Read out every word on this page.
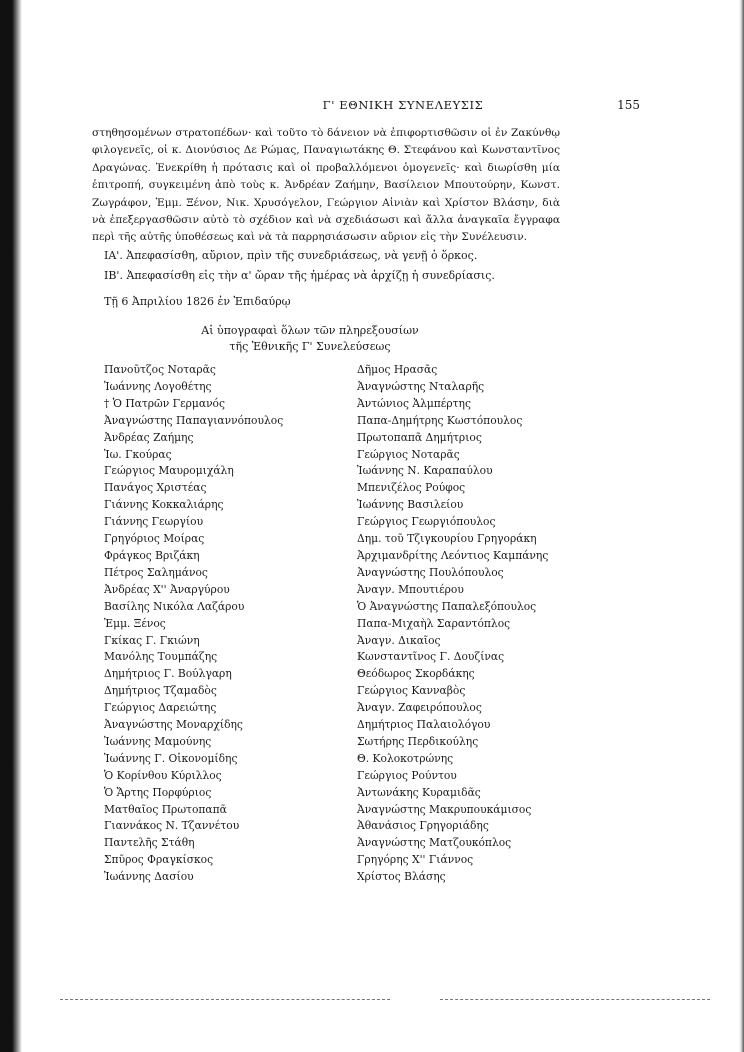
Γ' ΕΘΝΙΚΗ ΣΥΝΕΛΕΥΣΙΣ	155

στηθησομένων στρατοπέδων· καὶ τοῦτο τὸ δάνειον νὰ ἐπιφορτισθῶσιν οἱ ἐν Ζακύνθῳ φιλογενεῖς, οἱ κ. Διονύσιος Δε Ρώμας, Παναγιωτάκης Θ. Στεφάνου καὶ Κωνσταντῖνος Δραγώνας. Ἐνεκρίθη ἡ πρότασις καὶ οἱ προβαλλόμενοι ὁμογενεῖς· καὶ διωρίσθη μία ἐπιτροπή, συγκειμένη ἀπὸ τοὺς κ. Ἀνδρέαν Ζαήμην, Βασίλειον Μπουτούρην, Κωνστ. Ζωγράφον, Ἐμμ. Ξένον, Νικ. Χρυσόγελον, Γεώργιον Αἰνιὰν καὶ Χρίστον Βλάσην, διὰ νὰ ἐπεξεργασθῶσιν αὐτὸ τὸ σχέδιον καὶ νὰ σχεδιάσωσι καὶ ἄλλα ἀναγκαῖα ἔγγραφα περὶ τῆς αὐτῆς ὑποθέσεως καὶ νὰ τὰ παρρησιάσωσιν αὔριον εἰς τὴν Συνέλευσιν.

ΙΑ'. Ἀπεφασίσθη, αὔριον, πρὶν τῆς συνεδριάσεως, νὰ γενῇ ὁ ὅρκος.
ΙΒ'. Ἀπεφασίσθη εἰς τὴν α' ὥραν τῆς ἡμέρας νὰ ἀρχίζῃ ἡ συνεδρίασις.
Τῇ 6 Ἀπριλίου 1826 ἐν Ἐπιδαύρῳ
Αἱ ὑπογραφαὶ ὅλων τῶν πληρεξουσίων
τῆς Ἐθνικῆς Γ' Συνελεύσεως
Πανοῦτζος Νοταρᾶς
Ἰωάννης Λογοθέτης
† Ὁ Πατρῶν Γερμανός
Ἀναγνώστης Παπαγιαννόπουλος
Ἀνδρέας Ζαήμης
Ἰω. Γκούρας
Γεώργιος Μαυρομιχάλη
Πανάγος Χριστέας
Γιάννης Κοκκαλιάρης
Γιάννης Γεωργίου
Γρηγόριος Μοίρας
Φράγκος Βριζάκη
Πέτρος Σαλημάνος
Ἀνδρέας Χ'' Ἀναργύρου
Βασίλης Νικόλα Λαζάρου
Ἐμμ. Ξένος
Γκίκας Γ. Γκιώνη
Μανόλης Τουμπάζης
Δημήτριος Γ. Βούλγαρη
Δημήτριος Τζαμαδὸς
Γεώργιος Δαρειώτης
Ἀναγνώστης Μοναρχίδης
Ἰωάννης Μαμούνης
Ἰωάννης Γ. Οἰκονομίδης
Ὁ Κορίνθου Κύριλλος
Ὁ Ἄρτης Πορφύριος
Ματθαῖος Πρωτοπαπᾶ
Γιαννάκος Ν. Τζαννέτου
Παντελῆς Στάθη
Σπῦρος Φραγκίσκος
Ἰωάννης Δασίου
Δῆμος Ηρασᾶς
Ἀναγνώστης Νταλαρῆς
Ἀντώνιος Ἀλμπέρτης
Παπα-Δημήτρης Κωστόπουλος
Πρωτοπαπᾶ Δημήτριος
Γεώργιος Νοταρᾶς
Ἰωάννης Ν. Καραπαύλου
Μπενιζέλος Ρούφος
Ἰωάννης Βασιλείου
Γεώργιος Γεωργιόπουλος
Δημ. τοῦ Τζιγκουρίου Γρηγοράκη
Ἀρχιμανδρίτης Λεόντιος Καμπάνης
Ἀναγνώστης Πουλόπουλος
Ἀναγν. Μπουτιέρου
Ὁ Ἀναγνώστης Παπαλεξόπουλος
Παπα-Μιχαὴλ Σαραντόπλος
Ἀναγν. Δικαῖος
Κωνσταντῖνος Γ. Δουζίνας
Θεόδωρος Σκορδάκης
Γεώργιος Κανναβὸς
Ἀναγν. Ζαφειρόπουλος
Δημήτριος Παλαιολόγου
Σωτήρης Περδικούλης
Θ. Κολοκοτρώνης
Γεώργιος Ρούντου
Ἀντωνάκης Κυραμιδᾶς
Ἀναγνώστης Μακρυπουκάμισος
Ἀθανάσιος Γρηγοριάδης
Ἀναγνώστης Ματζουκόπλος
Γρηγόρης Χ'' Γιάννος
Χρίστος Βλάσης
